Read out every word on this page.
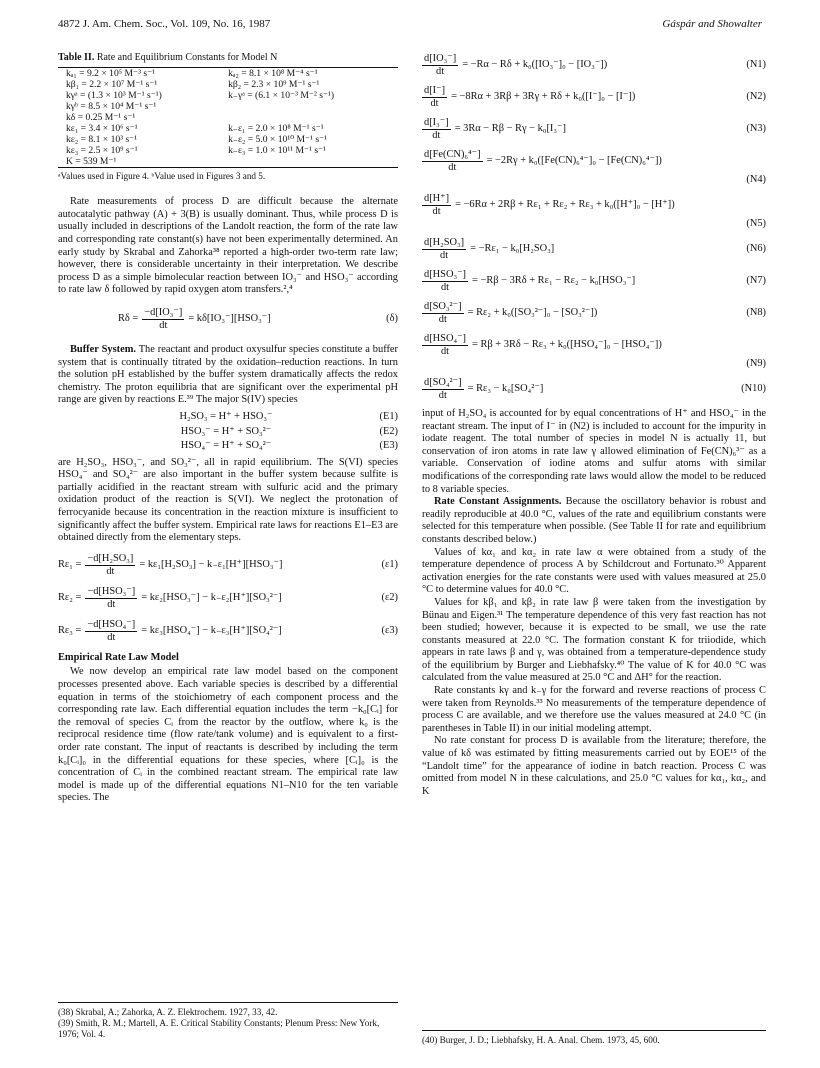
4872 J. Am. Chem. Soc., Vol. 109, No. 16, 1987	Gáspár and Showalter
Table II. Rate and Equilibrium Constants for Model N
kₐ₁ = 9.2 × 10⁵ M⁻³ s⁻¹	kₐ₂ = 8.1 × 10⁸ M⁻⁴ s⁻¹
kβ₁ = 2.2 × 10⁷ M⁻¹ s⁻¹	kβ₂ = 2.3 × 10⁹ M⁻¹ s⁻¹
kγᵃ = (1.3 × 10³ M⁻¹ s⁻¹)	k₋γᵃ = (6.1 × 10⁻³ M⁻² s⁻¹)
kγᵇ = 8.5 × 10⁴ M⁻¹ s⁻¹	
kδ = 0.25 M⁻¹ s⁻¹	
kε₁ = 3.4 × 10⁶ s⁻¹	k₋ε₁ = 2.0 × 10⁸ M⁻¹ s⁻¹
kε₂ = 8.1 × 10³ s⁻¹	k₋ε₂ = 5.0 × 10¹⁰ M⁻¹ s⁻¹
kε₃ = 2.5 × 10⁹ s⁻¹	k₋ε₃ = 1.0 × 10¹¹ M⁻¹ s⁻¹
K = 539 M⁻¹	
ᵃValues used in Figure 4. ᵇValue used in Figures 3 and 5.

Rate measurements of process D are difficult because the alternate autocatalytic pathway (A) + 3(B) is usually dominant. Thus, while process D is usually included in descriptions of the Landolt reaction, the form of the rate law and corresponding rate constant(s) have not been experimentally determined. An early study by Skrabal and Zahorka³⁸ reported a high-order two-term rate law; however, there is considerable uncertainty in their interpretation. We describe process D as a simple bimolecular reaction between IO₃⁻ and HSO₃⁻ according to rate law δ followed by rapid oxygen atom transfers.²,⁴

$R\delta = \frac{\text{−d[IO₃⁻]}}{dt} = k\delta[IO_3^-][HSO_3^-]$	(δ)

Buffer System. The reactant and product oxysulfur species constitute a buffer system that is continually titrated by the oxidation–reduction reactions. In turn the solution pH established by the buffer system dramatically affects the redox chemistry. The proton equilibria that are significant over the experimental pH range are given by reactions E.³⁹ The major S(IV) species

H₂SO₃ = H⁺ + HSO₃⁻	(E1)
HSO₃⁻ = H⁺ + SO₃²⁻	(E2)
HSO₄⁻ = H⁺ + SO₄²⁻	(E3)

are H₂SO₃, HSO₃⁻, and SO₃²⁻, all in rapid equilibrium. The S(VI) species HSO₄⁻ and SO₄²⁻ are also important in the buffer system because sulfite is partially acidified in the reactant stream with sulfuric acid and the primary oxidation product of the reaction is S(VI). We neglect the protonation of ferrocyanide because its concentration in the reaction mixture is insufficient to significantly affect the buffer system. Empirical rate laws for reactions E1–E3 are obtained directly from the elementary steps.

$R\varepsilon_1 = \frac{\text{−d[H₂SO₃]}}{dt} = k\varepsilon_1[H_2SO_3] - k_-\varepsilon_1[H^+][HSO_3^-]$	(ε1)
$R\varepsilon_2 = \frac{\text{−d[HSO₃⁻]}}{dt} = k\varepsilon_2[HSO_3^-] - k_-\varepsilon_2[H^+][SO_3^{2-}]$	(ε2)
$R\varepsilon_3 = \frac{\text{−d[HSO₄⁻]}}{dt} = k\varepsilon_3[HSO_4^-] - k_-\varepsilon_3[H^+][SO_4^{2-}]$	(ε3)
Empirical Rate Law Model

We now develop an empirical rate law model based on the component processes presented above. Each variable species is described by a differential equation in terms of the stoichiometry of each component process and the corresponding rate law. Each differential equation includes the term −k₀[Cᵢ] for the removal of species Cᵢ from the reactor by the outflow, where k₀ is the reciprocal residence time (flow rate/tank volume) and is equivalent to a first-order rate constant. The input of reactants is described by including the term k₀[Cᵢ]₀ in the differential equations for these species, where [Cᵢ]₀ is the concentration of Cᵢ in the combined reactant stream. The empirical rate law model is made up of the differential equations N1–N10 for the ten variable species. The

$\frac{\text{d[IO₃⁻]}}{dt} = -R\alpha - R\delta + k_0([IO_3^-]_0 - [IO_3^-])$	(N1)
$\frac{d[I^-]}{dt} = -8R\alpha + 3R\beta + 3R\gamma + R\delta + k_0([I^-]_0 - [I^-])$	(N2)
$\frac{\text{d[I₃⁻]}}{dt} = 3R\alpha - R\beta - R\gamma - k_0[I_3^-]$	(N3)
$\frac{\text{d[Fe(CN)₆⁴⁻]}}{dt} = -2R\gamma + k_0([Fe(CN)_6^{4-}]_0 - [Fe(CN)_6^{4-}])$
(N4)
$\frac{d[H^+]}{dt} = -6R\alpha + 2R\beta + R\varepsilon_1 + R\varepsilon_2 + R\varepsilon_3 + k_0([H^+]_0 - [H^+])$
(N5)
$\frac{\text{d[H₂SO₃]}}{dt} = -R\varepsilon_1 - k_0[H_2SO_3]$	(N6)
$\frac{\text{d[HSO₃⁻]}}{dt} = -R\beta - 3R\delta + R\varepsilon_1 - R\varepsilon_2 - k_0[HSO_3^-]$	(N7)
$\frac{\text{d[SO₃²⁻]}}{dt} = R\varepsilon_2 + k_0([SO_3^{2-}]_0 - [SO_3^{2-}])$	(N8)
$\frac{\text{d[HSO₄⁻]}}{dt} = R\beta + 3R\delta - R\varepsilon_3 + k_0([HSO_4^-]_0 - [HSO_4^-])$
(N9)
$\frac{\text{d[SO₄²⁻]}}{dt} = R\varepsilon_3 - k_0[SO_4^{2-}]$	(N10)

input of H₂SO₄ is accounted for by equal concentrations of H⁺ and HSO₄⁻ in the reactant stream. The input of I⁻ in (N2) is included to account for the impurity in iodate reagent. The total number of species in model N is actually 11, but conservation of iron atoms in rate law γ allowed elimination of Fe(CN)₆³⁻ as a variable. Conservation of iodine atoms and sulfur atoms with similar modifications of the corresponding rate laws would allow the model to be reduced to 8 variable species.

Rate Constant Assignments. Because the oscillatory behavior is robust and readily reproducible at 40.0 °C, values of the rate and equilibrium constants were selected for this temperature when possible. (See Table II for rate and equilibrium constants described below.)

Values of kα₁ and kα₂ in rate law α were obtained from a study of the temperature dependence of process A by Schildcrout and Fortunato.³⁰ Apparent activation energies for the rate constants were used with values measured at 25.0 °C to determine values for 40.0 °C.

Values for kβ₁ and kβ₂ in rate law β were taken from the investigation by Bünau and Eigen.³¹ The temperature dependence of this very fast reaction has not been studied; however, because it is expected to be small, we use the rate constants measured at 22.0 °C. The formation constant K for triiodide, which appears in rate laws β and γ, was obtained from a temperature-dependence study of the equilibrium by Burger and Liebhafsky.⁴⁰ The value of K for 40.0 °C was calculated from the value measured at 25.0 °C and ΔH° for the reaction.

Rate constants kγ and k₋γ for the forward and reverse reactions of process C were taken from Reynolds.³³ No measurements of the temperature dependence of process C are available, and we therefore use the values measured at 24.0 °C (in parentheses in Table II) in our initial modeling attempt.

No rate constant for process D is available from the literature; therefore, the value of kδ was estimated by fitting measurements carried out by EOE¹⁵ of the “Landolt time” for the appearance of iodine in batch reaction. Process C was omitted from model N in these calculations, and 25.0 °C values for kα₁, kα₂, and K

(38) Skrabal, A.; Zahorka, A. Z. Elektrochem. 1927, 33, 42.
(39) Smith, R. M.; Martell, A. E. Critical Stability Constants; Plenum Press: New York, 1976; Vol. 4.
(40) Burger, J. D.; Liebhafsky, H. A. Anal. Chem. 1973, 45, 600.
